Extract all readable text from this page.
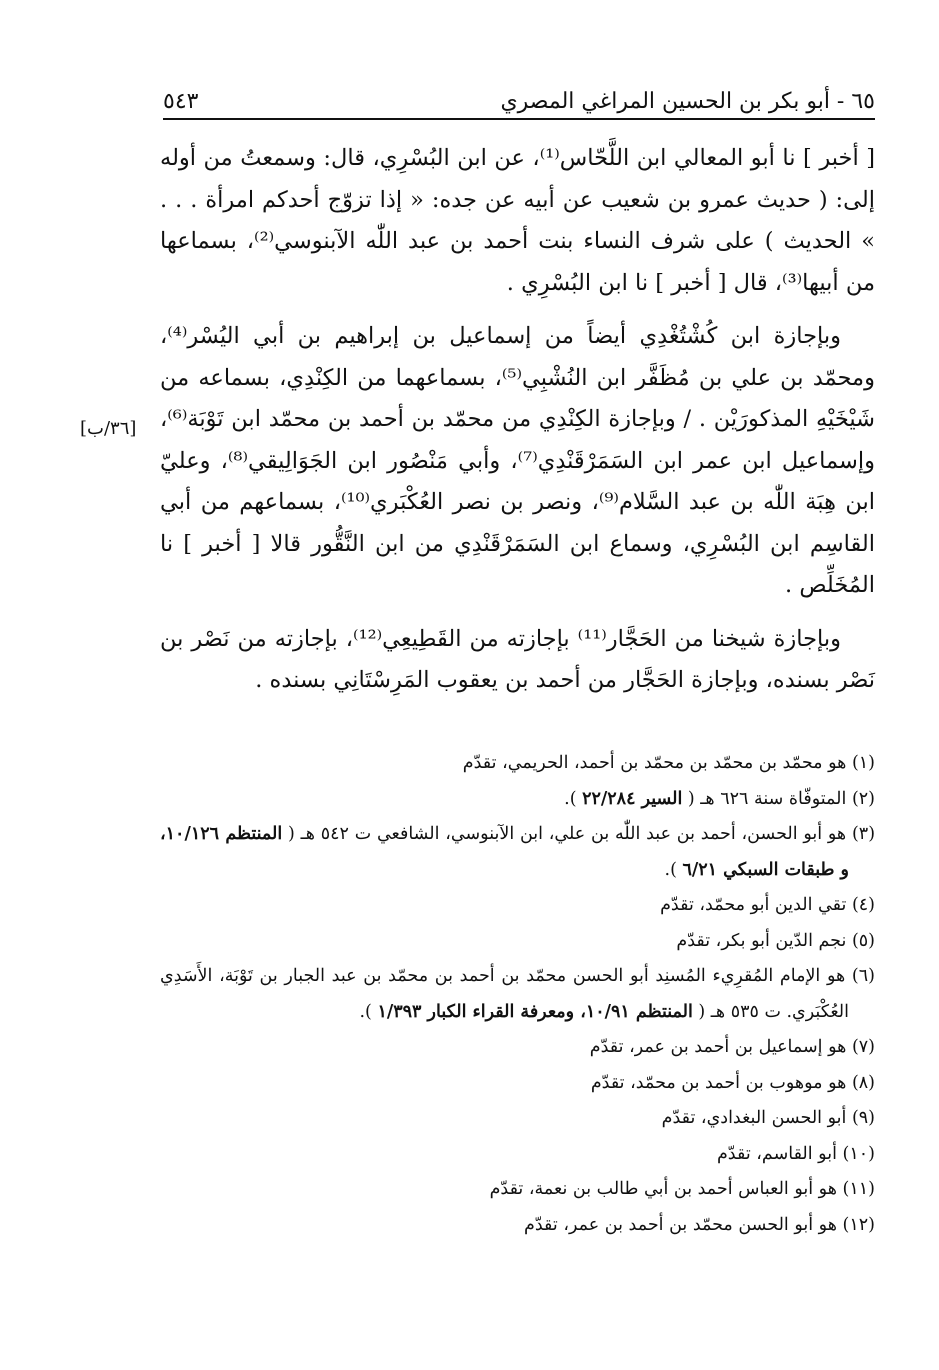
٦٥ - أبو بكر بن الحسين المراغي المصري
٥٤٣
[٣٦/ب]

[ أخبر ] نا أبو المعالي ابن اللَّحّاس⁽¹⁾، عن ابن البُسْرِي، قال: وسمعتُ من أوله إلى: ( حديث عمرو بن شعيب عن أبيه عن جده: « إذا تزوّج أحدكم امرأة . . . » الحديث ) على شرف النساء بنت أحمد بن عبد اللّٰه الآبنوسي⁽²⁾، بسماعها من أبيها⁽³⁾، قال [ أخبر ] نا ابن البُسْرِي .

وبإجازة ابن كُشْتُغْدِي أيضاً من إسماعيل بن إبراهيم بن أبي اليُسْر⁽⁴⁾، ومحمّد بن علي بن مُظَفَّر ابن النُشْبِي⁽⁵⁾، بسماعهما من الكِنْدِي، بسماعه من شَيْخَيْهِ المذكورَيْن . / وبإجازة الكِنْدِي من محمّد بن أحمد بن محمّد ابن تَوْبَة⁽⁶⁾، وإسماعيل ابن عمر ابن السَمَرْقَنْدِي⁽⁷⁾، وأبي مَنْصُور ابن الجَوَالِيقي⁽⁸⁾، وعليّ ابن هِبَة اللّٰه بن عبد السَّلام⁽⁹⁾، ونصر بن نصر العُكْبَري⁽¹⁰⁾، بسماعهم من أبي القاسِم ابن البُسْرِي، وسماع ابن السَمَرْقَنْدِي من ابن النَّقُّور قالا [ أخبر ] نا المُخَلِّص .

وبإجازة شيخنا من الحَجَّار⁽¹¹⁾ بإجازته من القَطِيعِي⁽¹²⁾، بإجازته من نَصْر بن نَصْر بسنده، وبإجازة الحَجَّار من أحمد بن يعقوب المَرِسْتَانِي بسنده .

(١) هو محمّد بن محمّد بن محمّد بن أحمد، الحريمي، تقدّم

(٢) المتوفّاة سنة ٦٢٦ هـ ( السير ٢٢/٢٨٤ ).

(٣) هو أبو الحسن، أحمد بن عبد اللّٰه بن علي، ابن الآبنوسي، الشافعي ت ٥٤٢ هـ ( المنتظم ١٠/١٢٦، و طبقات السبكي ٦/٢١ ).

(٤) تقي الدين أبو محمّد، تقدّم

(٥) نجم الدّين أبو بكر، تقدّم

(٦) هو الإمام المُقرِيء المُسنِد أبو الحسن محمّد بن أحمد بن محمّد بن عبد الجبار بن تَوْبَة، الأَسَدِي العُكْبَري. ت ٥٣٥ هـ ( المنتظم ١٠/٩١، ومعرفة القراء الكبار ١/٣٩٣ ).

(٧) هو إسماعيل بن أحمد بن عمر، تقدّم

(٨) هو موهوب بن أحمد بن محمّد، تقدّم

(٩) أبو الحسن البغدادي، تقدّم

(١٠) أبو القاسم، تقدّم

(١١) هو أبو العباس أحمد بن أبي طالب بن نعمة، تقدّم

(١٢) هو أبو الحسن محمّد بن أحمد بن عمر، تقدّم
